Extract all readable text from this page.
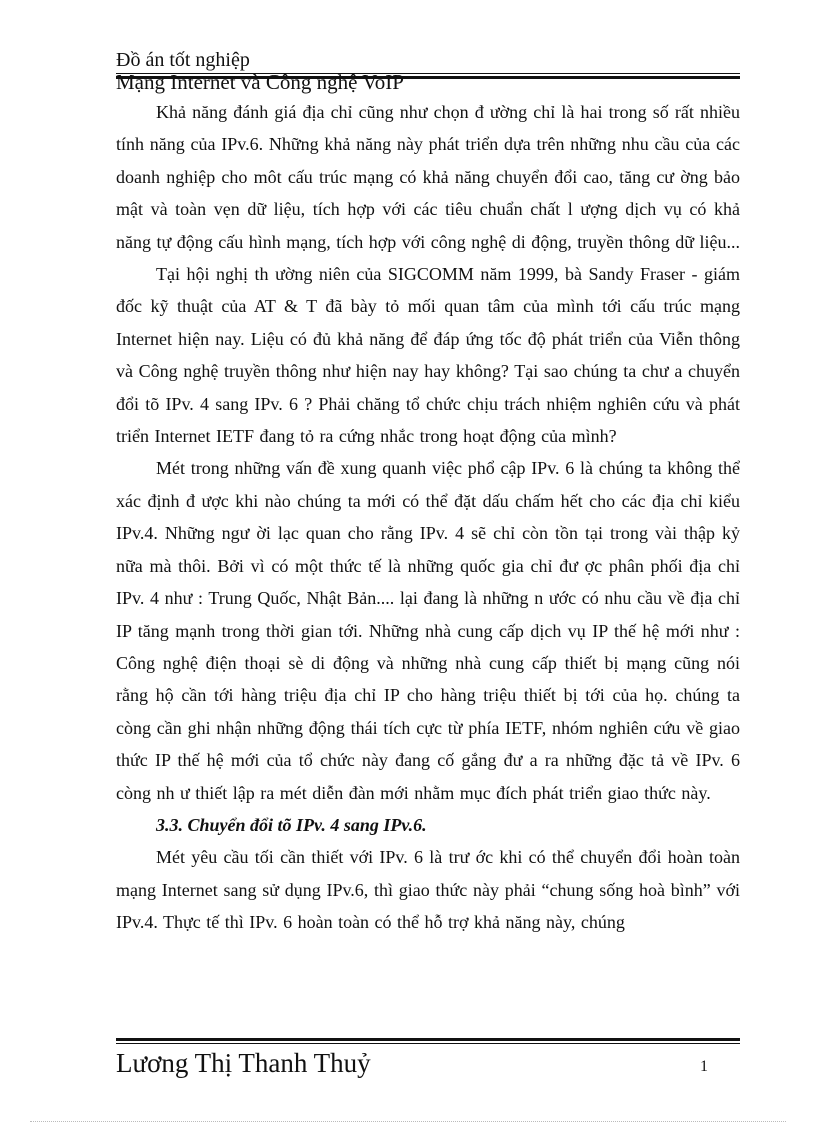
Đồ án tốt nghiệp
Mạng Internet và Công nghệ VoIP

Khả năng đánh giá địa chỉ cũng như chọn đ ường chỉ là hai trong số rất nhiều tính năng của IPv.6. Những khả năng này phát triển dựa trên những nhu cầu của các doanh nghiệp cho môt cấu trúc mạng có khả năng chuyển đổi cao, tăng cư ờng bảo mật và toàn vẹn dữ liệu, tích hợp với các tiêu chuẩn chất l ượng dịch vụ có khả năng tự động cấu hình mạng, tích hợp với công nghệ di động, truyền thông dữ liệu...

Tại hội nghị th ường niên của SIGCOMM năm 1999, bà Sandy Fraser - giám đốc kỹ thuật của AT & T đã bày tỏ mối quan tâm của mình tới cấu trúc mạng Internet hiện nay. Liệu có đủ khả năng để đáp ứng tốc độ phát triển của Viễn thông và Công nghệ truyền thông như hiện nay hay không? Tại sao chúng ta chư a chuyển đổi tõ IPv. 4 sang IPv. 6 ? Phải chăng tổ chức chịu trách nhiệm nghiên cứu và phát triển Internet IETF đang tỏ ra cứng nhắc trong hoạt động của mình?

Mét trong những vấn đề xung quanh việc phổ cập IPv. 6 là chúng ta không thể xác định đ ược khi nào chúng ta mới có thể đặt dấu chấm hết cho các địa chỉ kiểu IPv.4. Những ngư ời lạc quan cho rằng IPv. 4 sẽ chỉ còn tồn tại trong vài thập kỷ nữa mà thôi. Bởi vì có một thức tế là những quốc gia chỉ đư ợc phân phối địa chỉ IPv. 4 như : Trung Quốc, Nhật Bản.... lại đang là những n ước có nhu cầu về địa chỉ IP tăng mạnh trong thời gian tới. Những nhà cung cấp dịch vụ IP thế hệ mới như : Công nghệ điện thoại sè di động và những nhà cung cấp thiết bị mạng cũng nói rằng hộ cần tới hàng triệu địa chỉ IP cho hàng triệu thiết bị tới của họ. chúng ta còng cần ghi nhận những động thái tích cực từ phía IETF, nhóm nghiên cứu về giao thức IP thế hệ mới của tổ chức này đang cố gắng đư a ra những đặc tả về IPv. 6 còng nh ư thiết lập ra mét diễn đàn mới nhằm mục đích phát triển giao thức này.

3.3. Chuyển đổi tõ IPv. 4 sang IPv.6.

Mét yêu cầu tối cần thiết với IPv. 6 là trư ớc khi có thể chuyển đổi hoàn toàn mạng Internet sang sử dụng IPv.6, thì giao thức này phải “chung sống hoà bình” với IPv.4. Thực tế thì IPv. 6 hoàn toàn có thể hỗ trợ khả năng này, chúng

Lương Thị Thanh Thuỷ	1
